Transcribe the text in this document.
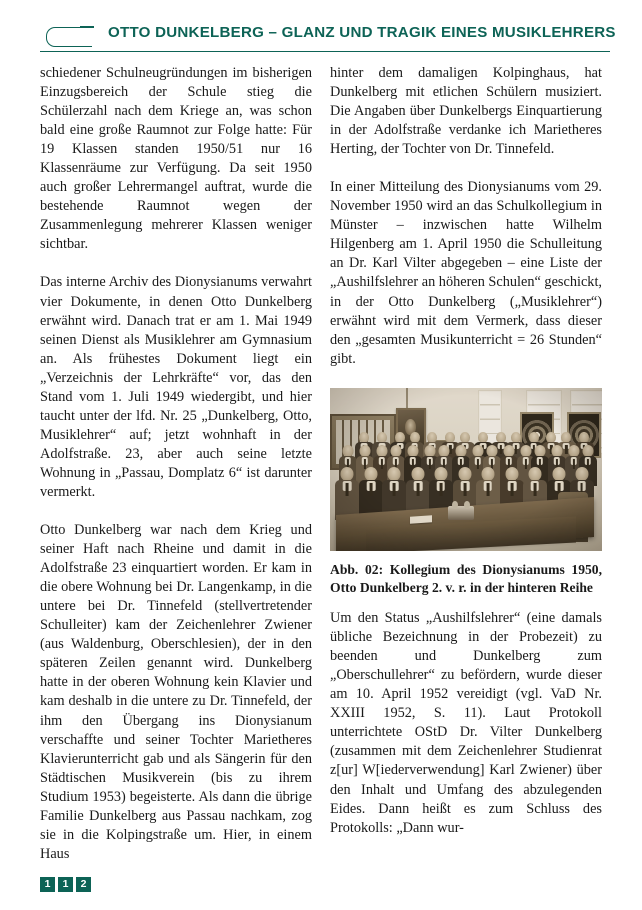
OTTO DUNKELBERG – GLANZ UND TRAGIK EINES MUSIKLEHRERS

schiedener Schulneugründungen im bisherigen Einzugsbereich der Schule stieg die Schülerzahl nach dem Kriege an, was schon bald eine große Raumnot zur Folge hatte: Für 19 Klassen standen 1950/51 nur 16 Klassenräume zur Verfügung. Da seit 1950 auch großer Lehrermangel auftrat, wurde die bestehende Raumnot wegen der Zusammenlegung mehrerer Klassen weniger sichtbar.

Das interne Archiv des Dionysianums verwahrt vier Dokumente, in denen Otto Dunkelberg erwähnt wird. Danach trat er am 1. Mai 1949 seinen Dienst als Musiklehrer am Gymnasium an. Als frühestes Dokument liegt ein „Verzeichnis der Lehrkräfte“ vor, das den Stand vom 1. Juli 1949 wiedergibt, und hier taucht unter der lfd. Nr. 25 „Dunkelberg, Otto, Musiklehrer“ auf; jetzt wohnhaft in der Adolfstraße. 23, aber auch seine letzte Wohnung in „Passau, Domplatz 6“ ist darunter vermerkt.

Otto Dunkelberg war nach dem Krieg und seiner Haft nach Rheine und damit in die Adolfstraße 23 einquartiert worden. Er kam in die obere Wohnung bei Dr. Langenkamp, in die untere bei Dr. Tinnefeld (stellvertretender Schulleiter) kam der Zeichenlehrer Zwiener (aus Waldenburg, Oberschlesien), der in den späteren Zeilen genannt wird. Dunkelberg hatte in der oberen Wohnung kein Klavier und kam deshalb in die untere zu Dr. Tinnefeld, der ihm den Übergang ins Dionysianum verschaffte und seiner Tochter Marietheres Klavierunterricht gab und als Sängerin für den Städtischen Musikverein (bis zu ihrem Studium 1953) begeisterte. Als dann die übrige Familie Dunkelberg aus Passau nachkam, zog sie in die Kolpingstraße um. Hier, in einem Haus

hinter dem damaligen Kolpinghaus, hat Dunkelberg mit etlichen Schülern musiziert. Die Angaben über Dunkelbergs Einquartierung in der Adolfstraße verdanke ich Marietheres Herting, der Tochter von Dr. Tinnefeld.

In einer Mitteilung des Dionysianums vom 29. November 1950 wird an das Schulkollegium in Münster – inzwischen hatte Wilhelm Hilgenberg am 1. April 1950 die Schulleitung an Dr. Karl Vilter abgegeben – eine Liste der „Aushilfslehrer an höheren Schulen“ geschickt, in der Otto Dunkelberg („Musiklehrer“) erwähnt wird mit dem Vermerk, dass dieser den „gesamten Musikunterricht = 26 Stunden“ gibt.

Abb. 02: Kollegium des Dionysianums 1950, Otto Dunkelberg 2. v. r. in der hinteren Reihe

Um den Status „Aushilfslehrer“ (eine damals übliche Bezeichnung in der Probezeit) zu beenden und Dunkelberg zum „Oberschullehrer“ zu befördern, wurde dieser am 10. April 1952 vereidigt (vgl. VaD Nr. XXIII 1952, S. 11). Laut Protokoll unterrichtete OStD Dr. Vilter Dunkelberg (zusammen mit dem Zeichenlehrer Studienrat z[ur] W[iederverwendung] Karl Zwiener) über den Inhalt und Umfang des abzulegenden Eides. Dann heißt es zum Schluss des Protokolls: „Dann wur-

1	1	2
